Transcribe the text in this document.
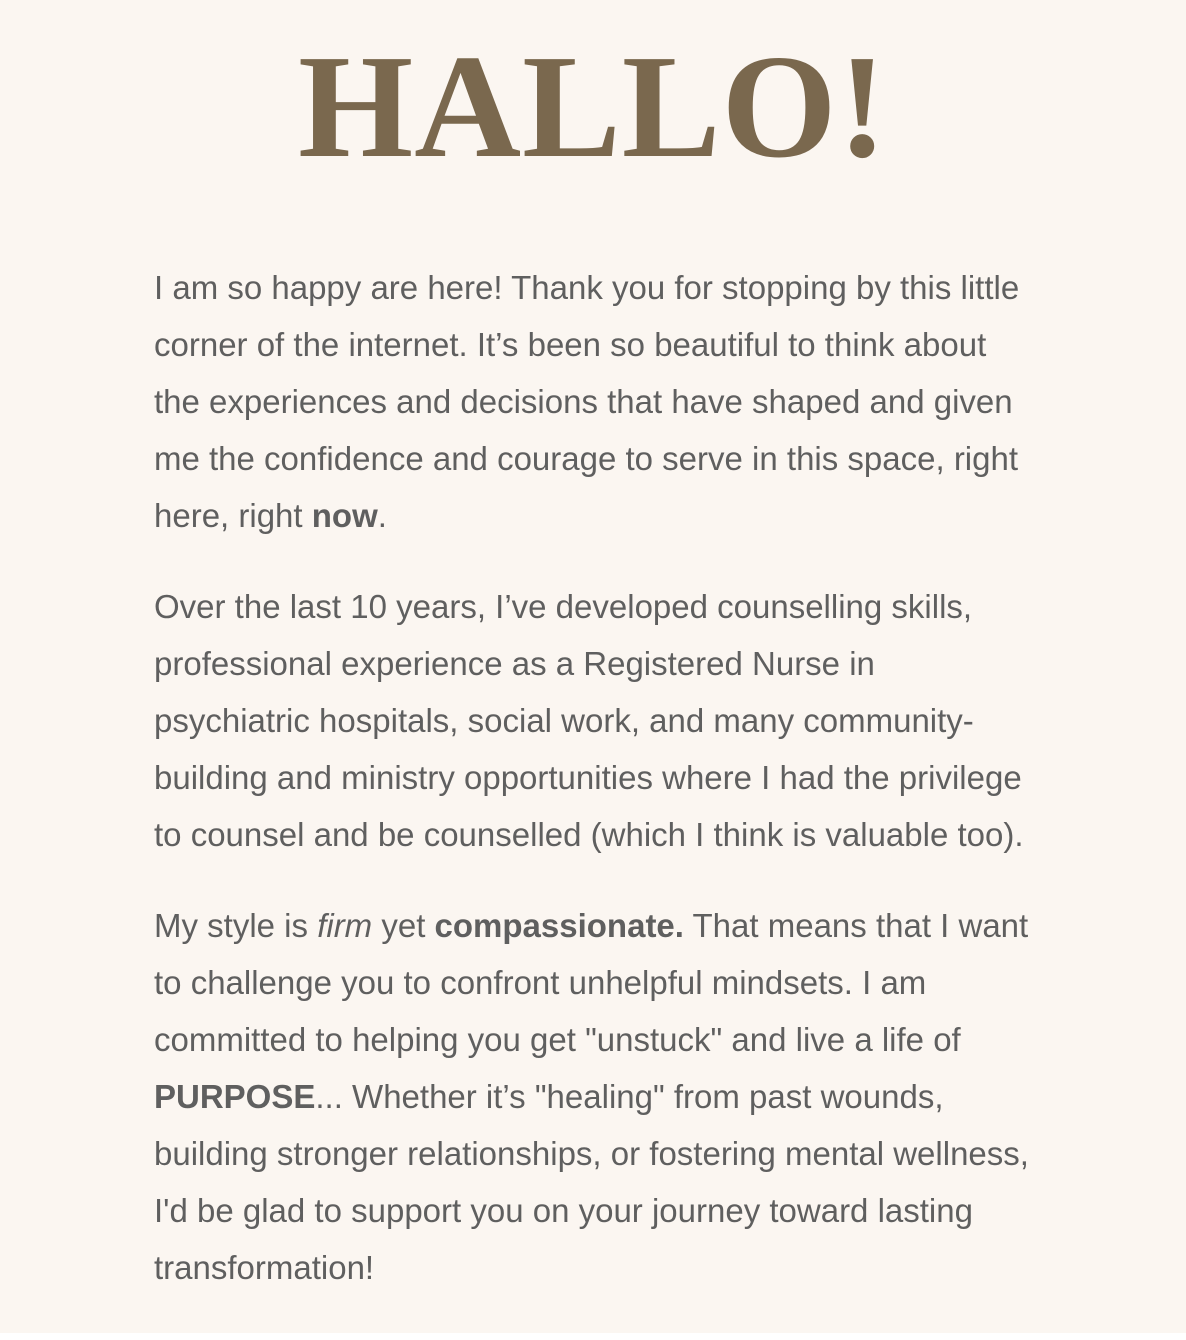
HALLO!

I am so happy are here! Thank you for stopping by this little corner of the internet. It’s been so beautiful to think about the experiences and decisions that have shaped and given me the confidence and courage to serve in this space, right here, right now.

Over the last 10 years, I’ve developed counselling skills, professional experience as a Registered Nurse in psychiatric hospitals, social work, and many community-building and ministry opportunities where I had the privilege to counsel and be counselled (which I think is valuable too).

My style is firm yet compassionate. That means that I want to challenge you to confront unhelpful mindsets. I am committed to helping you get "unstuck" and live a life of PURPOSE... Whether it’s "healing" from past wounds, building stronger relationships, or fostering mental wellness, I'd be glad to support you on your journey toward lasting transformation!
